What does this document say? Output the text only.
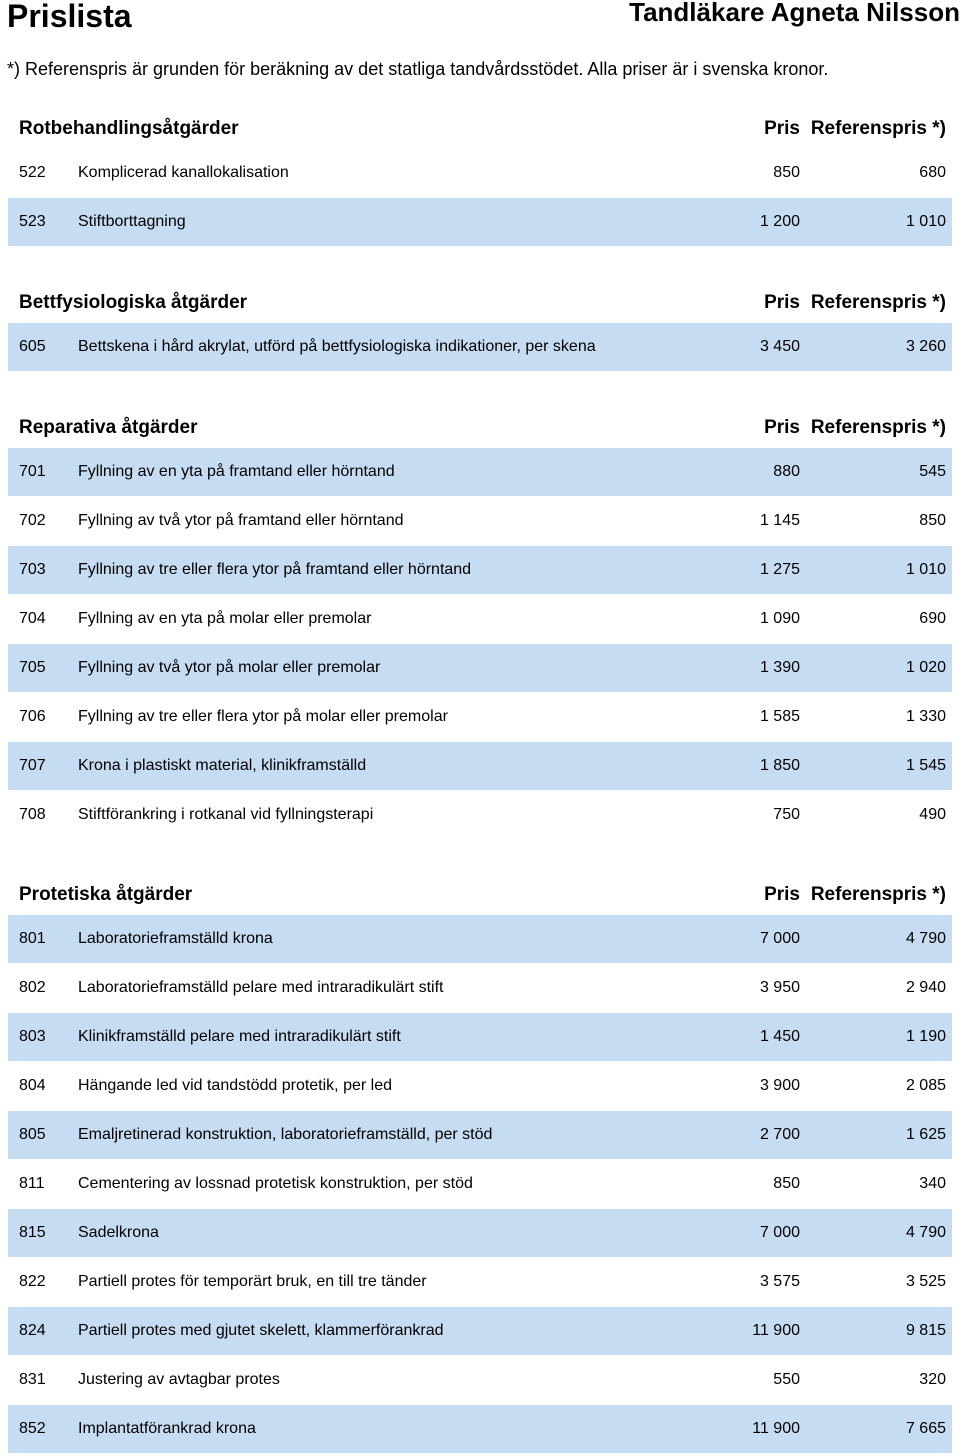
Prislista	Tandläkare Agneta Nilsson
*) Referenspris är grunden för beräkning av det statliga tandvårdsstödet. Alla priser är i svenska kronor.
Rotbehandlingsåtgärder	Pris Referenspris *)
522 Komplicerad kanallokalisation	850	680
523 Stiftborttagning	1 200	1 010
Bettfysiologiska åtgärder	Pris Referenspris *)
605 Bettskena i hård akrylat, utförd på bettfysiologiska indikationer, per skena	3 450	3 260
Reparativa åtgärder	Pris Referenspris *)
701 Fyllning av en yta på framtand eller hörntand	880	545
702 Fyllning av två ytor på framtand eller hörntand	1 145	850
703 Fyllning av tre eller flera ytor på framtand eller hörntand	1 275	1 010
704 Fyllning av en yta på molar eller premolar	1 090	690
705 Fyllning av två ytor på molar eller premolar	1 390	1 020
706 Fyllning av tre eller flera ytor på molar eller premolar	1 585	1 330
707 Krona i plastiskt material, klinikframställd	1 850	1 545
708 Stiftförankring i rotkanal vid fyllningsterapi	750	490
Protetiska åtgärder	Pris Referenspris *)
801 Laboratorieframställd krona	7 000	4 790
802 Laboratorieframställd pelare med intraradikulärt stift	3 950	2 940
803 Klinikframställd pelare med intraradikulärt stift	1 450	1 190
804 Hängande led vid tandstödd protetik, per led	3 900	2 085
805 Emaljretinerad konstruktion, laboratorieframställd, per stöd	2 700	1 625
811 Cementering av lossnad protetisk konstruktion, per stöd	850	340
815 Sadelkrona	7 000	4 790
822 Partiell protes för temporärt bruk, en till tre tänder	3 575	3 525
824 Partiell protes med gjutet skelett, klammerförankrad	11 900	9 815
831 Justering av avtagbar protes	550	320
852 Implantatförankrad krona	11 900	7 665
